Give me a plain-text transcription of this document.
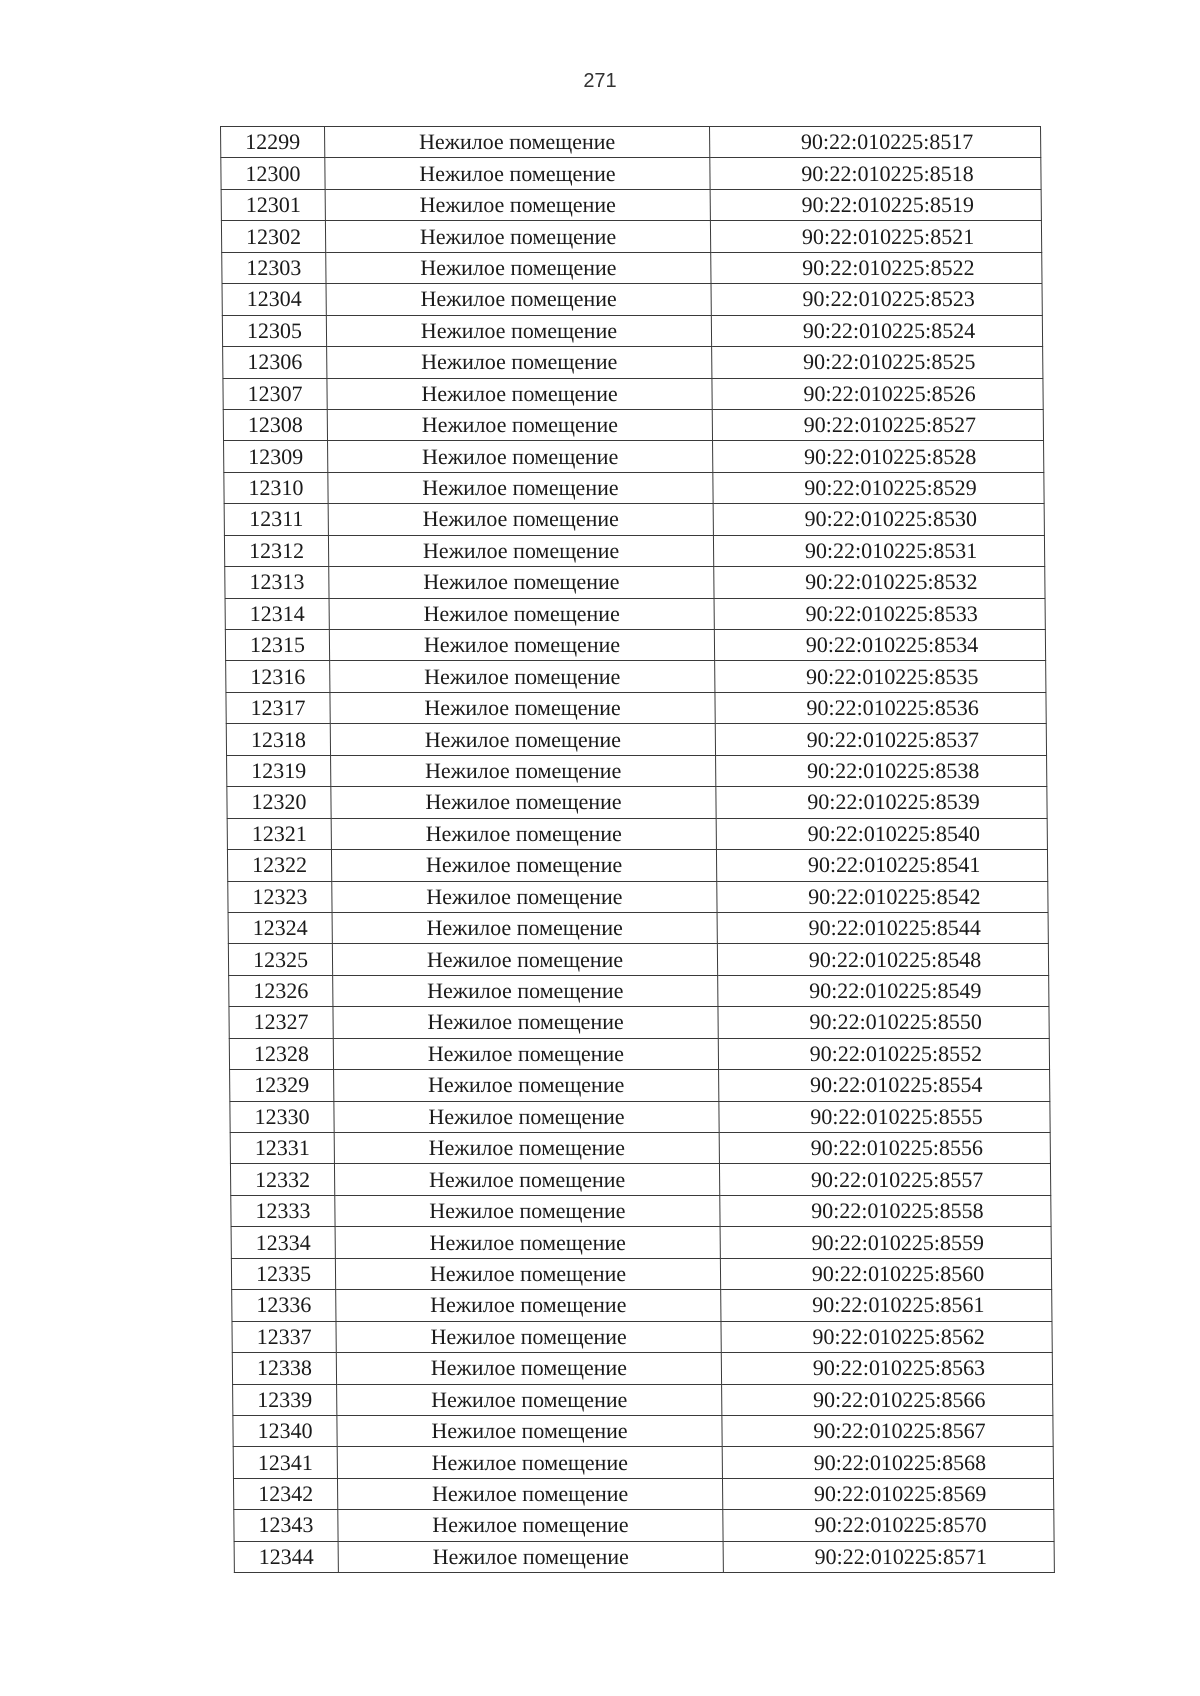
271
12299	Нежилое помещение	90:22:010225:8517
12300	Нежилое помещение	90:22:010225:8518
12301	Нежилое помещение	90:22:010225:8519
12302	Нежилое помещение	90:22:010225:8521
12303	Нежилое помещение	90:22:010225:8522
12304	Нежилое помещение	90:22:010225:8523
12305	Нежилое помещение	90:22:010225:8524
12306	Нежилое помещение	90:22:010225:8525
12307	Нежилое помещение	90:22:010225:8526
12308	Нежилое помещение	90:22:010225:8527
12309	Нежилое помещение	90:22:010225:8528
12310	Нежилое помещение	90:22:010225:8529
12311	Нежилое помещение	90:22:010225:8530
12312	Нежилое помещение	90:22:010225:8531
12313	Нежилое помещение	90:22:010225:8532
12314	Нежилое помещение	90:22:010225:8533
12315	Нежилое помещение	90:22:010225:8534
12316	Нежилое помещение	90:22:010225:8535
12317	Нежилое помещение	90:22:010225:8536
12318	Нежилое помещение	90:22:010225:8537
12319	Нежилое помещение	90:22:010225:8538
12320	Нежилое помещение	90:22:010225:8539
12321	Нежилое помещение	90:22:010225:8540
12322	Нежилое помещение	90:22:010225:8541
12323	Нежилое помещение	90:22:010225:8542
12324	Нежилое помещение	90:22:010225:8544
12325	Нежилое помещение	90:22:010225:8548
12326	Нежилое помещение	90:22:010225:8549
12327	Нежилое помещение	90:22:010225:8550
12328	Нежилое помещение	90:22:010225:8552
12329	Нежилое помещение	90:22:010225:8554
12330	Нежилое помещение	90:22:010225:8555
12331	Нежилое помещение	90:22:010225:8556
12332	Нежилое помещение	90:22:010225:8557
12333	Нежилое помещение	90:22:010225:8558
12334	Нежилое помещение	90:22:010225:8559
12335	Нежилое помещение	90:22:010225:8560
12336	Нежилое помещение	90:22:010225:8561
12337	Нежилое помещение	90:22:010225:8562
12338	Нежилое помещение	90:22:010225:8563
12339	Нежилое помещение	90:22:010225:8566
12340	Нежилое помещение	90:22:010225:8567
12341	Нежилое помещение	90:22:010225:8568
12342	Нежилое помещение	90:22:010225:8569
12343	Нежилое помещение	90:22:010225:8570
12344	Нежилое помещение	90:22:010225:8571
